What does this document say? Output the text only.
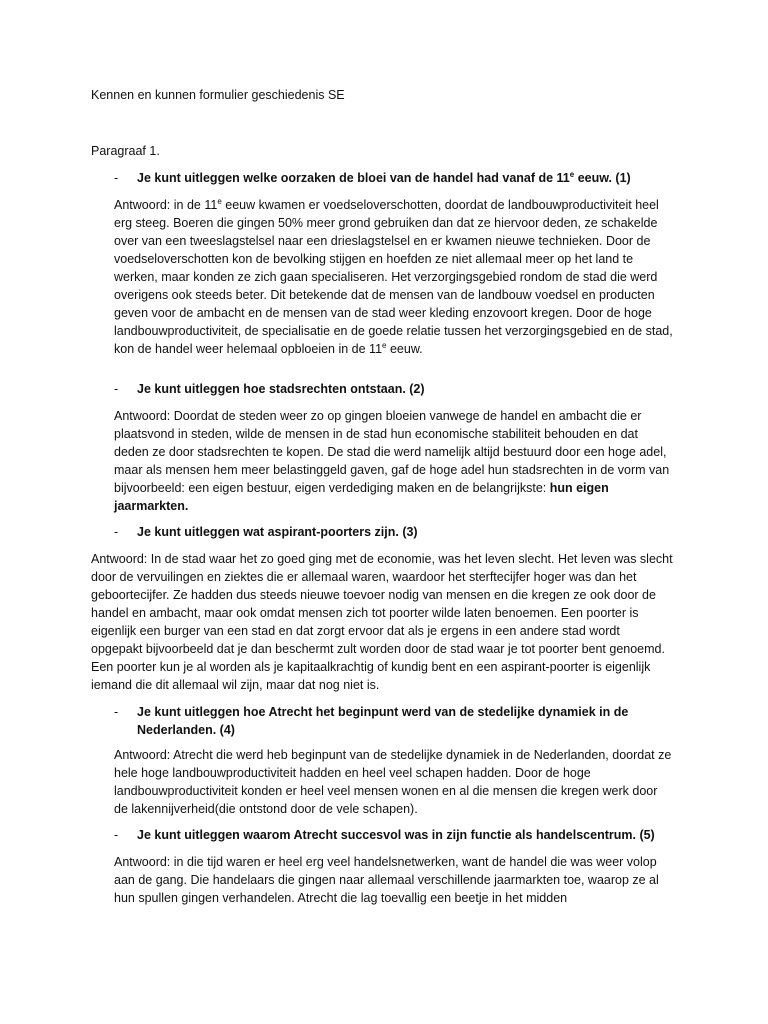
Kennen en kunnen formulier geschiedenis SE

Paragraaf 1.

- Je kunt uitleggen welke oorzaken de bloei van de handel had vanaf de 11e eeuw. (1)

Antwoord: in de 11e eeuw kwamen er voedseloverschotten, doordat de landbouwproductiviteit heel erg steeg. Boeren die gingen 50% meer grond gebruiken dan dat ze hiervoor deden, ze schakelde over van een tweeslagstelsel naar een drieslagstelsel en er kwamen nieuwe technieken. Door de voedseloverschotten kon de bevolking stijgen en hoefden ze niet allemaal meer op het land te werken, maar konden ze zich gaan specialiseren. Het verzorgingsgebied rondom de stad die werd overigens ook steeds beter. Dit betekende dat de mensen van de landbouw voedsel en producten geven voor de ambacht en de mensen van de stad weer kleding enzovoort kregen. Door de hoge landbouwproductiviteit, de specialisatie en de goede relatie tussen het verzorgingsgebied en de stad, kon de handel weer helemaal opbloeien in de 11e eeuw.

- Je kunt uitleggen hoe stadsrechten ontstaan. (2)

Antwoord: Doordat de steden weer zo op gingen bloeien vanwege de handel en ambacht die er plaatsvond in steden, wilde de mensen in de stad hun economische stabiliteit behouden en dat deden ze door stadsrechten te kopen. De stad die werd namelijk altijd bestuurd door een hoge adel, maar als mensen hem meer belastinggeld gaven, gaf de hoge adel hun stadsrechten in de vorm van bijvoorbeeld: een eigen bestuur, eigen verdediging maken en de belangrijkste: hun eigen jaarmarkten.

- Je kunt uitleggen wat aspirant-poorters zijn. (3)

Antwoord: In de stad waar het zo goed ging met de economie, was het leven slecht. Het leven was slecht door de vervuilingen en ziektes die er allemaal waren, waardoor het sterftecijfer hoger was dan het geboortecijfer. Ze hadden dus steeds nieuwe toevoer nodig van mensen en die kregen ze ook door de handel en ambacht, maar ook omdat mensen zich tot poorter wilde laten benoemen. Een poorter is eigenlijk een burger van een stad en dat zorgt ervoor dat als je ergens in een andere stad wordt opgepakt bijvoorbeeld dat je dan beschermt zult worden door de stad waar je tot poorter bent genoemd. Een poorter kun je al worden als je kapitaalkrachtig of kundig bent en een aspirant-poorter is eigenlijk iemand die dit allemaal wil zijn, maar dat nog niet is.

- Je kunt uitleggen hoe Atrecht het beginpunt werd van de stedelijke dynamiek in de Nederlanden. (4)

Antwoord: Atrecht die werd heb beginpunt van de stedelijke dynamiek in de Nederlanden, doordat ze hele hoge landbouwproductiviteit hadden en heel veel schapen hadden. Door de hoge landbouwproductiviteit konden er heel veel mensen wonen en al die mensen die kregen werk door de lakennijverheid(die ontstond door de vele schapen).

- Je kunt uitleggen waarom Atrecht succesvol was in zijn functie als handelscentrum. (5)

Antwoord: in die tijd waren er heel erg veel handelsnetwerken, want de handel die was weer volop aan de gang. Die handelaars die gingen naar allemaal verschillende jaarmarkten toe, waarop ze al hun spullen gingen verhandelen. Atrecht die lag toevallig een beetje in het midden
